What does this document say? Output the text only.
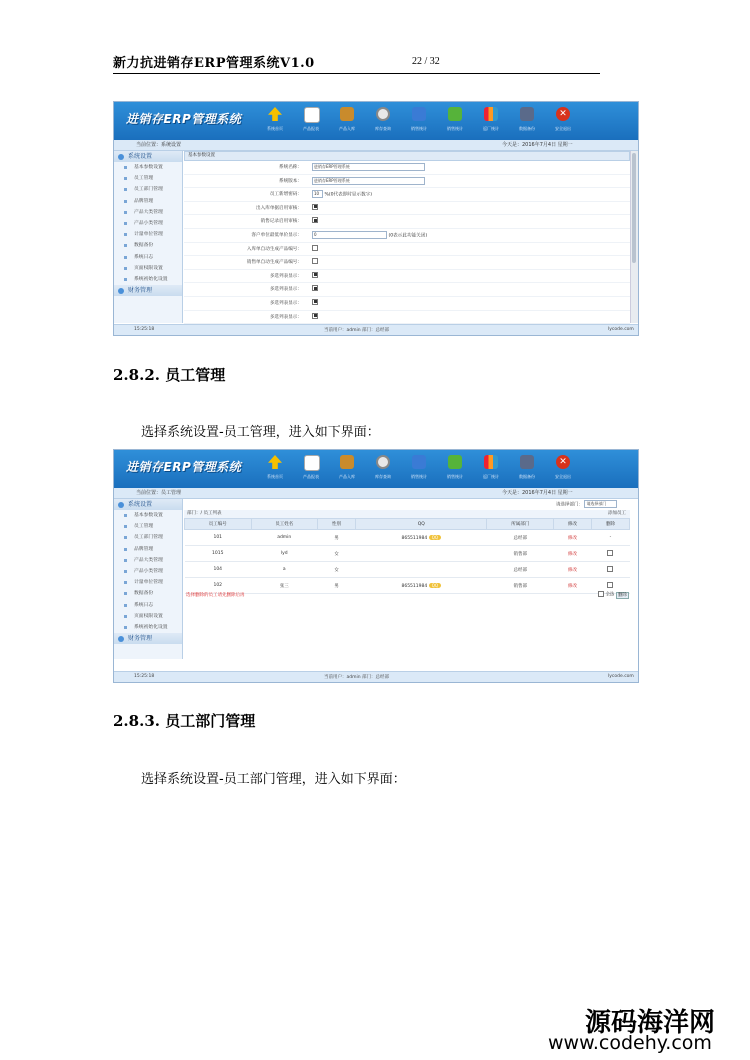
新力抗进销存ERP管理系统V1.0	22 / 32
进销存ERP管理系统
系统首页	产品报表	产品入库	库存查询	销售统计	销售统计	返厂统计	数据备份
✕
安全退出
当前位置：系统设置	今天是：2016年7月4日 星期一
系统设置
基本参数设置
员工管理
员工部门管理
品牌管理
产品大类管理
产品小类管理
计量单位管理
数据备份
系统日志
页面权限设置
系统初始化设置
财务管理
基本参数设置
系统名称：	进销存ERP管理系统
系统版本：	进销存ERP管理系统
员工新增密码：	10 %(0代表即时显示数字)
出入库单据启用审核：
销售记录启用审核：
客户单位最低单价显示：	0	(0表示此功能关闭)
入库单自动生成产品编号：
销售单自动生成产品编号：
多选列表显示：
多选列表显示：
多选列表显示：
多选列表显示：
15:25:18	当前用户：admin 部门：总经部	lycode.com
2.8.2. 员工管理
选择系统设置-员工管理，进入如下界面：
进销存ERP管理系统
系统首页	产品报表	产品入库	库存查询	销售统计	销售统计	返厂统计	数据备份
✕
安全退出
当前位置：员工管理	今天是：2016年7月4日 星期一
系统设置
基本参数设置
员工管理
员工部门管理
品牌管理
产品大类管理
产品小类管理
计量单位管理
数据备份
系统日志
页面权限设置
系统初始化设置
财务管理
请选择部门： 请选择部门
部门：/ 员工列表	添加员工
员工编号	员工姓名	性别	QQ	所属部门	修改	删除
101	admin	男	865511984 QQ	总经部	修改	-
1015	lyd	女		销售部	修改	
104	a	女		总经部	修改	
102	张三	男	865511984 QQ	销售部	修改	
选择删除的员工请先删除后再	全选 删除
15:25:18	当前用户：admin 部门：总经部	lycode.com
2.8.3. 员工部门管理
选择系统设置-员工部门管理，进入如下界面：
源码海洋网
www.codehy.com
